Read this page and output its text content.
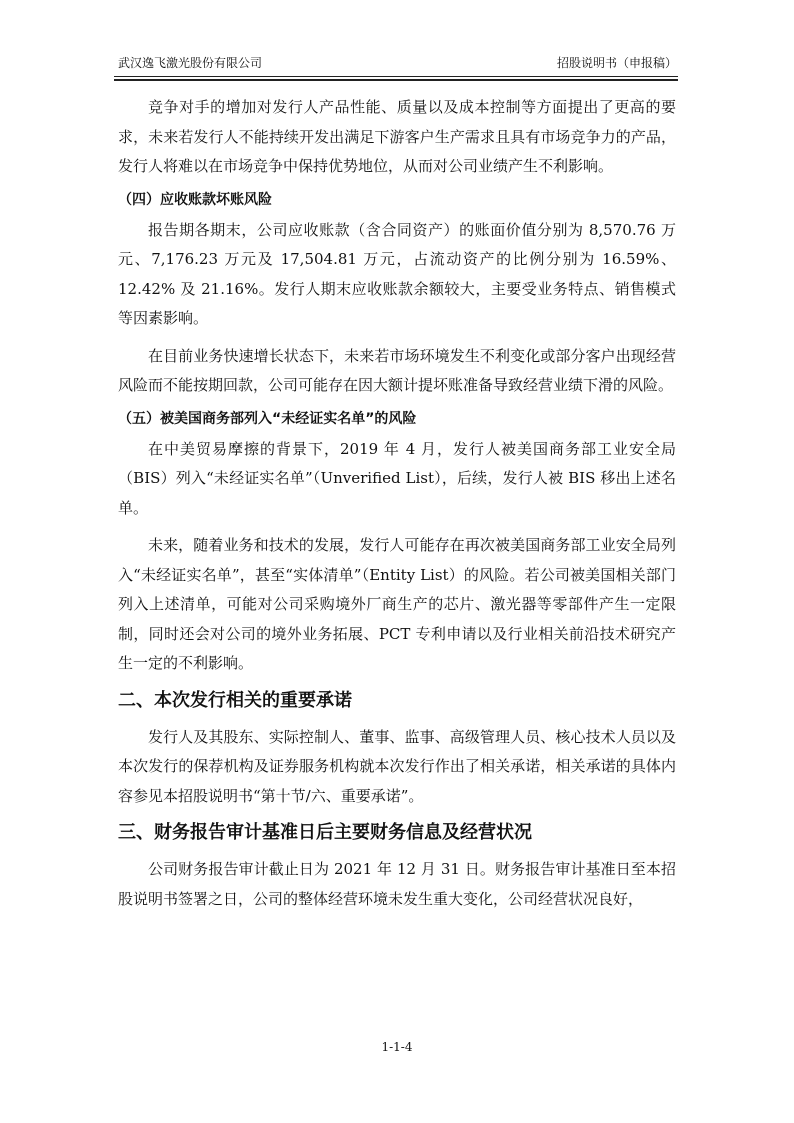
武汉逸飞激光股份有限公司	招股说明书（申报稿）

竞争对手的增加对发行人产品性能、质量以及成本控制等方面提出了更高的要求，未来若发行人不能持续开发出满足下游客户生产需求且具有市场竞争力的产品，发行人将难以在市场竞争中保持优势地位，从而对公司业绩产生不利影响。

（四）应收账款坏账风险

报告期各期末，公司应收账款（含合同资产）的账面价值分别为 8,570.76 万元、7,176.23 万元及 17,504.81 万元，占流动资产的比例分别为 16.59%、12.42% 及 21.16%。发行人期末应收账款余额较大，主要受业务特点、销售模式等因素影响。

在目前业务快速增长状态下，未来若市场环境发生不利变化或部分客户出现经营风险而不能按期回款，公司可能存在因大额计提坏账准备导致经营业绩下滑的风险。

（五）被美国商务部列入“未经证实名单”的风险

在中美贸易摩擦的背景下，2019 年 4 月，发行人被美国商务部工业安全局（BIS）列入“未经证实名单”（Unverified List），后续，发行人被 BIS 移出上述名单。

未来，随着业务和技术的发展，发行人可能存在再次被美国商务部工业安全局列入“未经证实名单”，甚至“实体清单”（Entity List）的风险。若公司被美国相关部门列入上述清单，可能对公司采购境外厂商生产的芯片、激光器等零部件产生一定限制，同时还会对公司的境外业务拓展、PCT 专利申请以及行业相关前沿技术研究产生一定的不利影响。

二、本次发行相关的重要承诺

发行人及其股东、实际控制人、董事、监事、高级管理人员、核心技术人员以及本次发行的保荐机构及证券服务机构就本次发行作出了相关承诺，相关承诺的具体内容参见本招股说明书“第十节/六、重要承诺”。

三、财务报告审计基准日后主要财务信息及经营状况

公司财务报告审计截止日为 2021 年 12 月 31 日。财务报告审计基准日至本招股说明书签署之日，公司的整体经营环境未发生重大变化，公司经营状况良好，

1-1-4
